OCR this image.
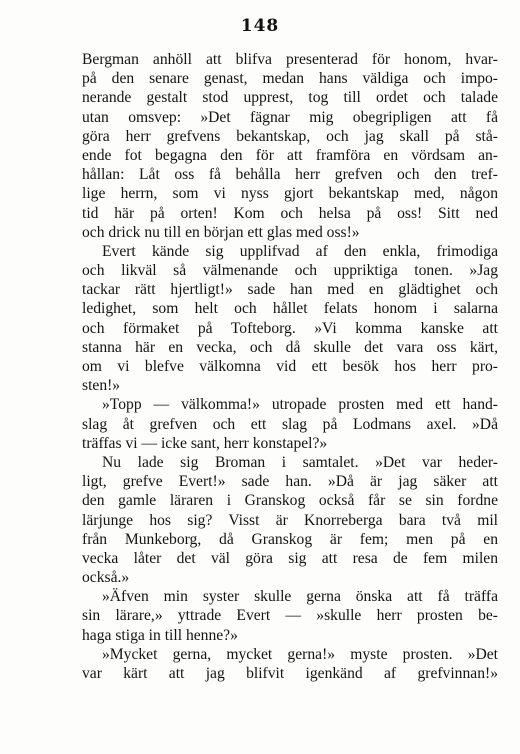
148
Bergman anhöll att blifva presenterad för honom, hvar-
på den senare genast, medan hans väldiga och impo-
nerande gestalt stod upprest, tog till ordet och talade
utan omsvep: »Det fägnar mig obegripligen att få
göra herr grefvens bekantskap, och jag skall på stå-
ende fot begagna den för att framföra en vördsam an-
hållan: Låt oss få behålla herr grefven och den tref-
lige herrn, som vi nyss gjort bekantskap med, någon
tid här på orten! Kom och helsa på oss! Sitt ned
och drick nu till en början ett glas med oss!»
Evert kände sig upplifvad af den enkla, frimodiga
och likväl så välmenande och uppriktiga tonen. »Jag
tackar rätt hjertligt!» sade han med en glädtighet och
ledighet, som helt och hållet felats honom i salarna
och förmaket på Tofteborg. »Vi komma kanske att
stanna här en vecka, och då skulle det vara oss kärt,
om vi blefve välkomna vid ett besök hos herr pro-
sten!»
»Topp — välkomma!» utropade prosten med ett hand-
slag åt grefven och ett slag på Lodmans axel. »Då
träffas vi — icke sant, herr konstapel?»
Nu lade sig Broman i samtalet. »Det var heder-
ligt, grefve Evert!» sade han. »Då är jag säker att
den gamle läraren i Granskog också får se sin fordne
lärjunge hos sig? Visst är Knorreberga bara två mil
från Munkeborg, då Granskog är fem; men på en
vecka låter det väl göra sig att resa de fem milen
också.»
»Äfven min syster skulle gerna önska att få träffa
sin lärare,» yttrade Evert — »skulle herr prosten be-
haga stiga in till henne?»
»Mycket gerna, mycket gerna!» myste prosten. »Det
var kärt att jag blifvit igenkänd af grefvinnan!»
